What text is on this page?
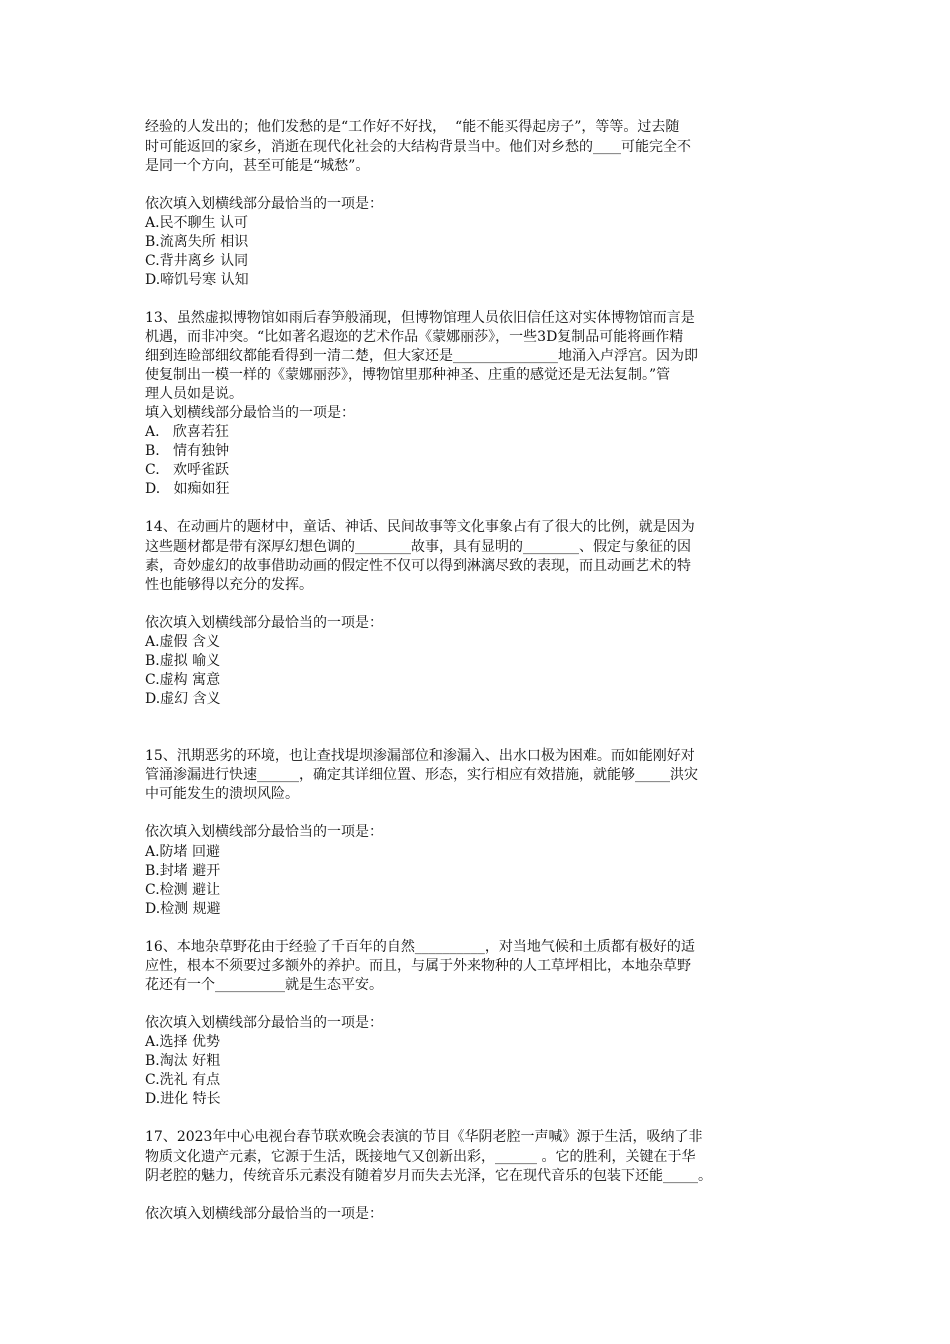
经验的人发出的；他们发愁的是“工作好不好找，  “能不能买得起房子”，等等。过去随
时可能返回的家乡，消逝在现代化社会的大结构背景当中。他们对乡愁的____可能完全不
是同一个方向，甚至可能是“城愁”。
依次填入划横线部分最恰当的一项是：
A.民不聊生 认可
B.流离失所 相识
C.背井离乡 认同
D.啼饥号寒 认知
13、虽然虚拟博物馆如雨后春笋般涌现，但博物馆理人员依旧信任这对实体博物馆而言是
机遇，而非冲突。“比如著名遐迩的艺术作品《蒙娜丽莎》，一些3D复制品可能将画作精
细到连睑部细纹都能看得到一清二楚，但大家还是_______________地涌入卢浮宫。因为即
使复制出一模一样的《蒙娜丽莎》，博物馆里那种神圣、庄重的感觉还是无法复制。”管
理人员如是说。
填入划横线部分最恰当的一项是：
A.   欣喜若狂
B.   情有独钟
C.   欢呼雀跃
D.   如痴如狂
14、在动画片的题材中，童话、神话、民间故事等文化事象占有了很大的比例，就是因为
这些题材都是带有深厚幻想色调的________故事，具有显明的________、假定与象征的因
素，奇妙虚幻的故事借助动画的假定性不仅可以得到淋漓尽致的表现，而且动画艺术的特
性也能够得以充分的发挥。
依次填入划横线部分最恰当的一项是：
A.虚假 含义
B.虚拟 喻义
C.虚构 寓意
D.虚幻 含义
15、汛期恶劣的环境，也让查找堤坝渗漏部位和渗漏入、出水口极为困难。而如能刚好对
管涌渗漏进行快速______，确定其详细位置、形态，实行相应有效措施，就能够_____洪灾
中可能发生的溃坝风险。
依次填入划横线部分最恰当的一项是：
A.防堵 回避
B.封堵 避开
C.检测 避让
D.检测 规避
16、本地杂草野花由于经验了千百年的自然__________，对当地气候和土质都有极好的适
应性，根本不须要过多额外的养护。而且，与属于外来物种的人工草坪相比，本地杂草野
花还有一个__________就是生态平安。
依次填入划横线部分最恰当的一项是：
A.选择 优势
B.淘汰 好粗
C.洗礼 有点
D.进化 特长
17、2023年中心电视台春节联欢晚会表演的节目《华阴老腔一声喊》源于生活，吸纳了非
物质文化遗产元素，它源于生活，既接地气又创新出彩，______ 。它的胜利，关键在于华
阴老腔的魅力，传统音乐元素没有随着岁月而失去光泽，它在现代音乐的包装下还能_____。
依次填入划横线部分最恰当的一项是：
